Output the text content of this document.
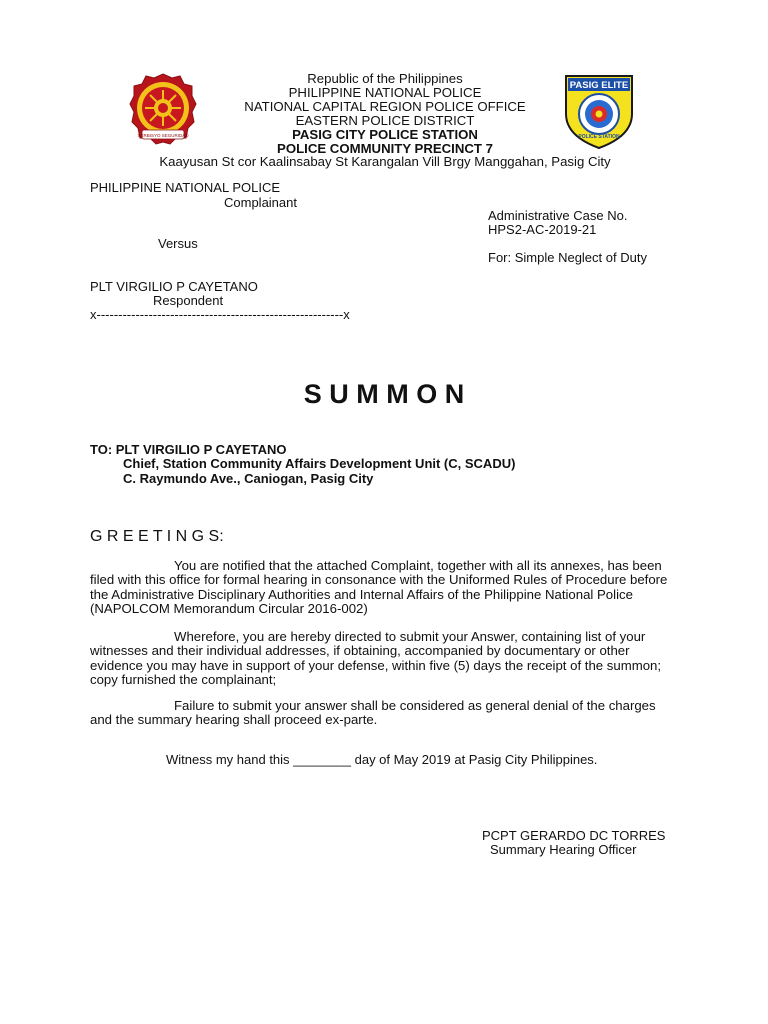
SERBISYO SEGURIDAD
PASIG ELITE
POLICE STATION
Republic of the Philippines
PHILIPPINE NATIONAL POLICE
NATIONAL CAPITAL REGION POLICE OFFICE
EASTERN POLICE DISTRICT
PASIG CITY POLICE STATION
POLICE COMMUNITY PRECINCT 7
Kaayusan St cor Kaalinsabay St Karangalan Vill Brgy Manggahan, Pasig City
PHILIPPINE NATIONAL POLICE
Complainant
Administrative Case No.
HPS2-AC-2019-21
Versus
For: Simple Neglect of Duty
PLT VIRGILIO P CAYETANO
Respondent
x---------------------------------------------------------x
S U M M O N
TO: PLT VIRGILIO P CAYETANO
Chief, Station Community Affairs Development Unit (C, SCADU)
C. Raymundo Ave., Caniogan, Pasig City
G R E E T I N G S:
You are notified that the attached Complaint, together with all its annexes, has been filed with this office for formal hearing in consonance with the Uniformed Rules of Procedure before the Administrative Disciplinary Authorities and Internal Affairs of the Philippine National Police (NAPOLCOM Memorandum Circular 2016-002)
Wherefore, you are hereby directed to submit your Answer, containing list of your witnesses and their individual addresses, if obtaining, accompanied by documentary or other evidence you may have in support of your defense, within five (5) days the receipt of the summon; copy furnished the complainant;
Failure to submit your answer shall be considered as general denial of the charges and the summary hearing shall proceed ex-parte.
Witness my hand this ________ day of May 2019 at Pasig City Philippines.
PCPT GERARDO DC TORRES
Summary Hearing Officer
